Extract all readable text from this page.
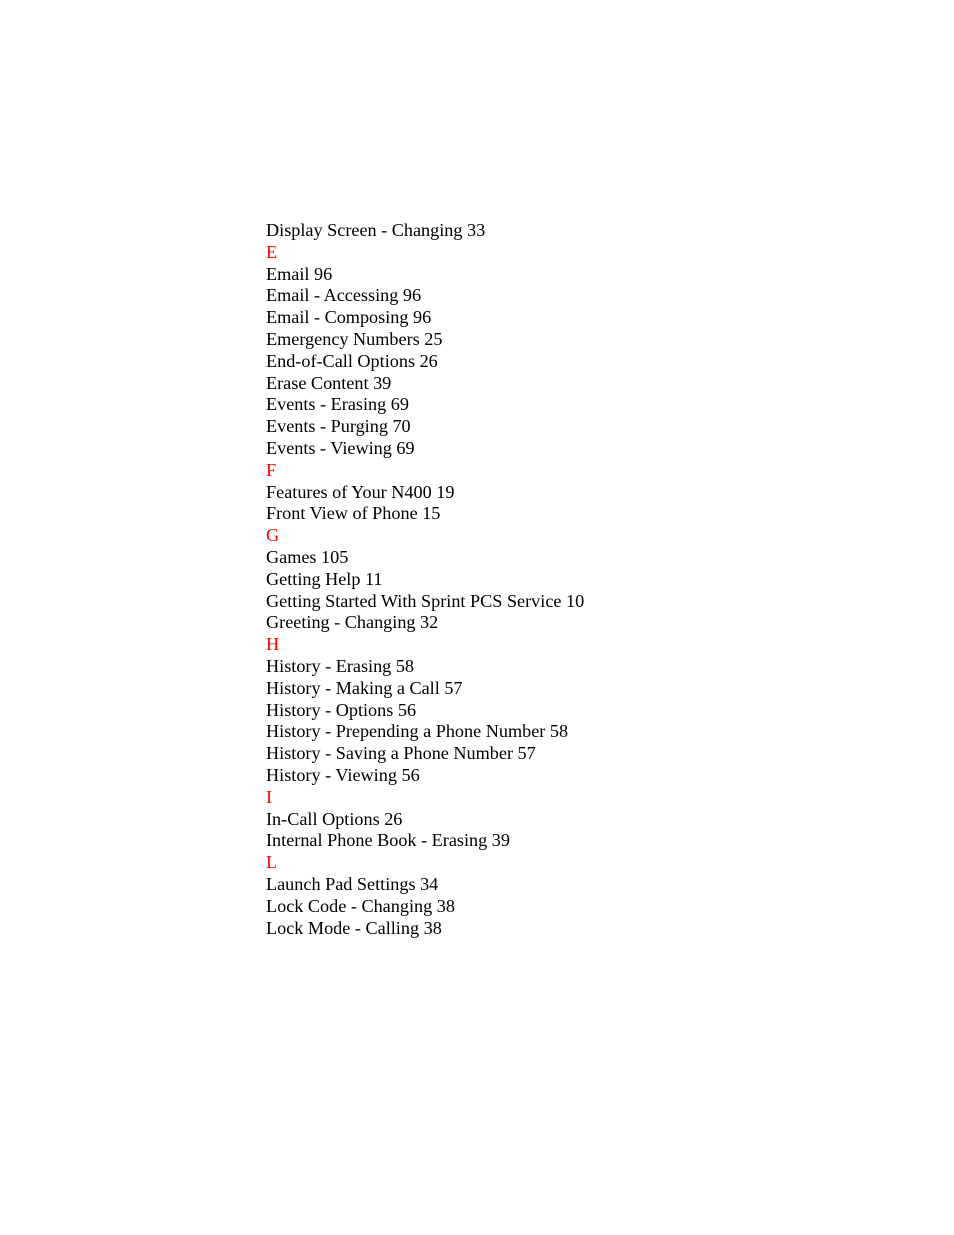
Display Screen - Changing 33
E
Email 96
Email - Accessing 96
Email - Composing 96
Emergency Numbers 25
End-of-Call Options 26
Erase Content 39
Events - Erasing 69
Events - Purging 70
Events - Viewing 69
F
Features of Your N400 19
Front View of Phone 15
G
Games 105
Getting Help 11
Getting Started With Sprint PCS Service 10
Greeting - Changing 32
H
History - Erasing 58
History - Making a Call 57
History - Options 56
History - Prepending a Phone Number 58
History - Saving a Phone Number 57
History - Viewing 56
I
In-Call Options 26
Internal Phone Book - Erasing 39
L
Launch Pad Settings 34
Lock Code - Changing 38
Lock Mode - Calling 38
